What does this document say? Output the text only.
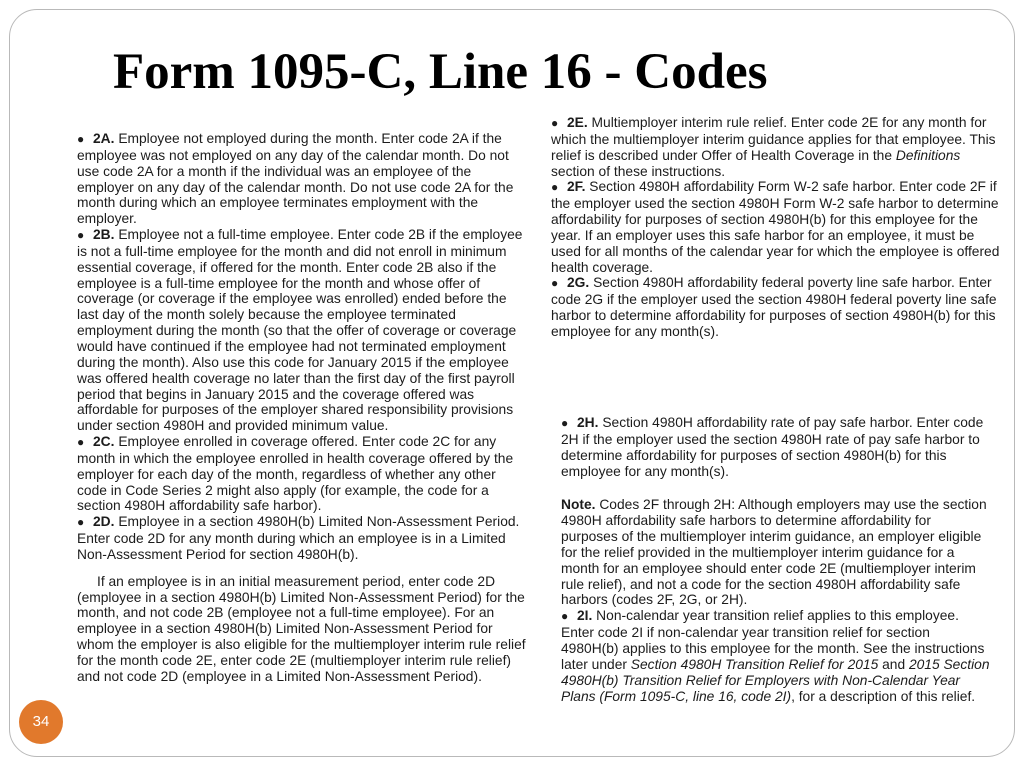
Form 1095-C, Line 16 - Codes

● 2A. Employee not employed during the month. Enter code 2A if the employee was not employed on any day of the calendar month. Do not use code 2A for a month if the individual was an employee of the employer on any day of the calendar month. Do not use code 2A for the month during which an employee terminates employment with the employer.

● 2B. Employee not a full-time employee. Enter code 2B if the employee is not a full-time employee for the month and did not enroll in minimum essential coverage, if offered for the month. Enter code 2B also if the employee is a full-time employee for the month and whose offer of coverage (or coverage if the employee was enrolled) ended before the last day of the month solely because the employee terminated employment during the month (so that the offer of coverage or coverage would have continued if the employee had not terminated employment during the month). Also use this code for January 2015 if the employee was offered health coverage no later than the first day of the first payroll period that begins in January 2015 and the coverage offered was affordable for purposes of the employer shared responsibility provisions under section 4980H and provided minimum value.

● 2C. Employee enrolled in coverage offered. Enter code 2C for any month in which the employee enrolled in health coverage offered by the employer for each day of the month, regardless of whether any other code in Code Series 2 might also apply (for example, the code for a section 4980H affordability safe harbor).

● 2D. Employee in a section 4980H(b) Limited Non-Assessment Period. Enter code 2D for any month during which an employee is in a Limited Non-Assessment Period for section 4980H(b).

If an employee is in an initial measurement period, enter code 2D (employee in a section 4980H(b) Limited Non-Assessment Period) for the month, and not code 2B (employee not a full-time employee). For an employee in a section 4980H(b) Limited Non-Assessment Period for whom the employer is also eligible for the multiemployer interim rule relief for the month code 2E, enter code 2E (multiemployer interim rule relief) and not code 2D (employee in a Limited Non-Assessment Period).

● 2E. Multiemployer interim rule relief. Enter code 2E for any month for which the multiemployer interim guidance applies for that employee. This relief is described under Offer of Health Coverage in the Definitions section of these instructions.

● 2F. Section 4980H affordability Form W-2 safe harbor. Enter code 2F if the employer used the section 4980H Form W-2 safe harbor to determine affordability for purposes of section 4980H(b) for this employee for the year. If an employer uses this safe harbor for an employee, it must be used for all months of the calendar year for which the employee is offered health coverage.

● 2G. Section 4980H affordability federal poverty line safe harbor. Enter code 2G if the employer used the section 4980H federal poverty line safe harbor to determine affordability for purposes of section 4980H(b) for this employee for any month(s).

● 2H. Section 4980H affordability rate of pay safe harbor. Enter code 2H if the employer used the section 4980H rate of pay safe harbor to determine affordability for purposes of section 4980H(b) for this employee for any month(s).

Note. Codes 2F through 2H: Although employers may use the section 4980H affordability safe harbors to determine affordability for purposes of the multiemployer interim guidance, an employer eligible for the relief provided in the multiemployer interim guidance for a month for an employee should enter code 2E (multiemployer interim rule relief), and not a code for the section 4980H affordability safe harbors (codes 2F, 2G, or 2H).

● 2I. Non-calendar year transition relief applies to this employee. Enter code 2I if non-calendar year transition relief for section 4980H(b) applies to this employee for the month. See the instructions later under Section 4980H Transition Relief for 2015 and 2015 Section 4980H(b) Transition Relief for Employers with Non-Calendar Year Plans (Form 1095-C, line 16, code 2I), for a description of this relief.

34
